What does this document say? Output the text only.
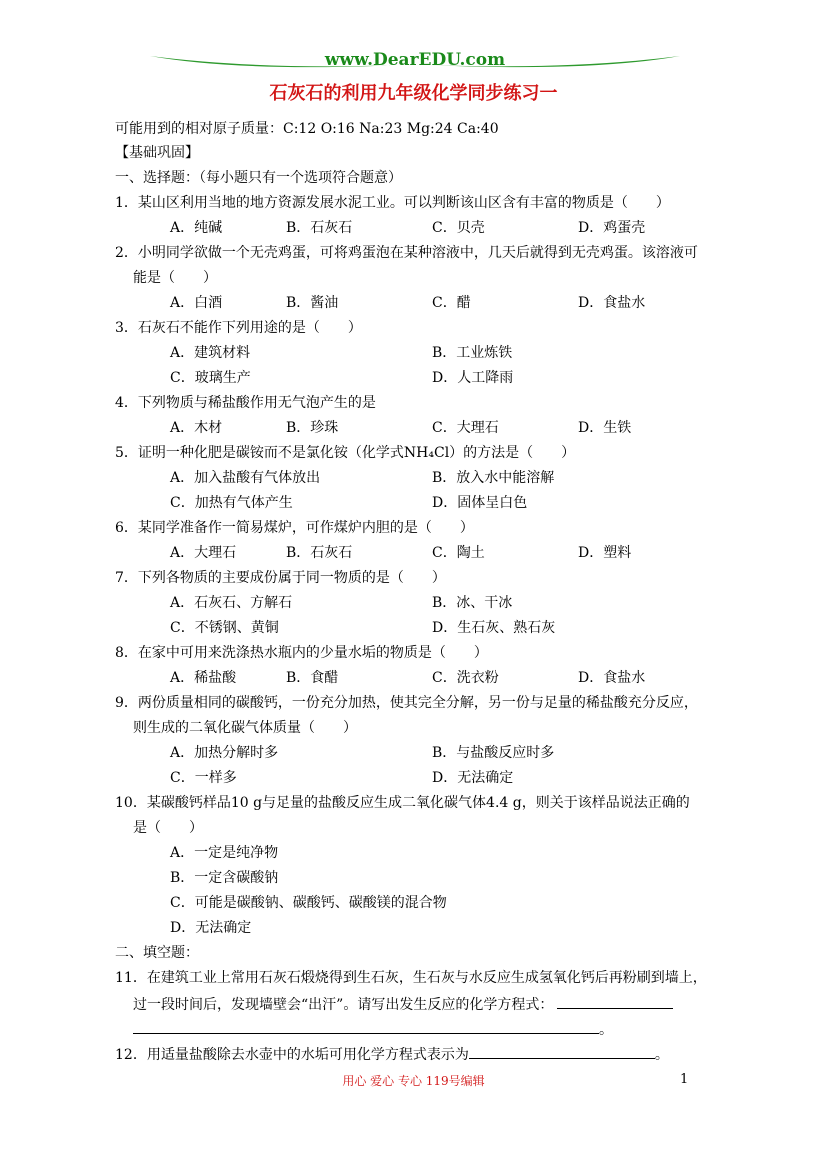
www.DearEDU.com
石灰石的利用九年级化学同步练习一
可能用到的相对原子质量：C:12 O:16 Na:23 Mg:24 Ca:40
【基础巩固】
一、选择题：（每小题只有一个选项符合题意）
1．某山区利用当地的地方资源发展水泥工业。可以判断该山区含有丰富的物质是（　　）
A．纯碱	B．石灰石	C．贝壳	D．鸡蛋壳
2．小明同学欲做一个无壳鸡蛋，可将鸡蛋泡在某种溶液中，几天后就得到无壳鸡蛋。该溶液可
能是（　　）
A．白酒	B．酱油	C．醋	D．食盐水
3．石灰石不能作下列用途的是（　　）
A．建筑材料	B．工业炼铁
C．玻璃生产	D．人工降雨
4．下列物质与稀盐酸作用无气泡产生的是
A．木材	B．珍珠	C．大理石	D．生铁
5．证明一种化肥是碳铵而不是氯化铵（化学式NH₄Cl）的方法是（　　）
A．加入盐酸有气体放出	B．放入水中能溶解
C．加热有气体产生	D．固体呈白色
6．某同学准备作一简易煤炉，可作煤炉内胆的是（　　）
A．大理石	B．石灰石	C．陶土	D．塑料
7．下列各物质的主要成份属于同一物质的是（　　）
A．石灰石、方解石	B．冰、干冰
C．不锈钢、黄铜	D．生石灰、熟石灰
8．在家中可用来洗涤热水瓶内的少量水垢的物质是（　　）
A．稀盐酸	B．食醋	C．洗衣粉	D．食盐水
9．两份质量相同的碳酸钙，一份充分加热，使其完全分解，另一份与足量的稀盐酸充分反应，
则生成的二氧化碳气体质量（　　）
A．加热分解时多	B．与盐酸反应时多
C．一样多	D．无法确定
10．某碳酸钙样品10 g与足量的盐酸反应生成二氧化碳气体4.4 g，则关于该样品说法正确的
是（　　）
A．一定是纯净物
B．一定含碳酸钠
C．可能是碳酸钠、碳酸钙、碳酸镁的混合物
D．无法确定
二、填空题：
11．在建筑工业上常用石灰石煅烧得到生石灰，生石灰与水反应生成氢氧化钙后再粉刷到墙上，
过一段时间后，发现墙壁会“出汗”。请写出发生反应的化学方程式：
。
12．用适量盐酸除去水壶中的水垢可用化学方程式表示为	。
用心 爱心 专心 119号编辑	1
